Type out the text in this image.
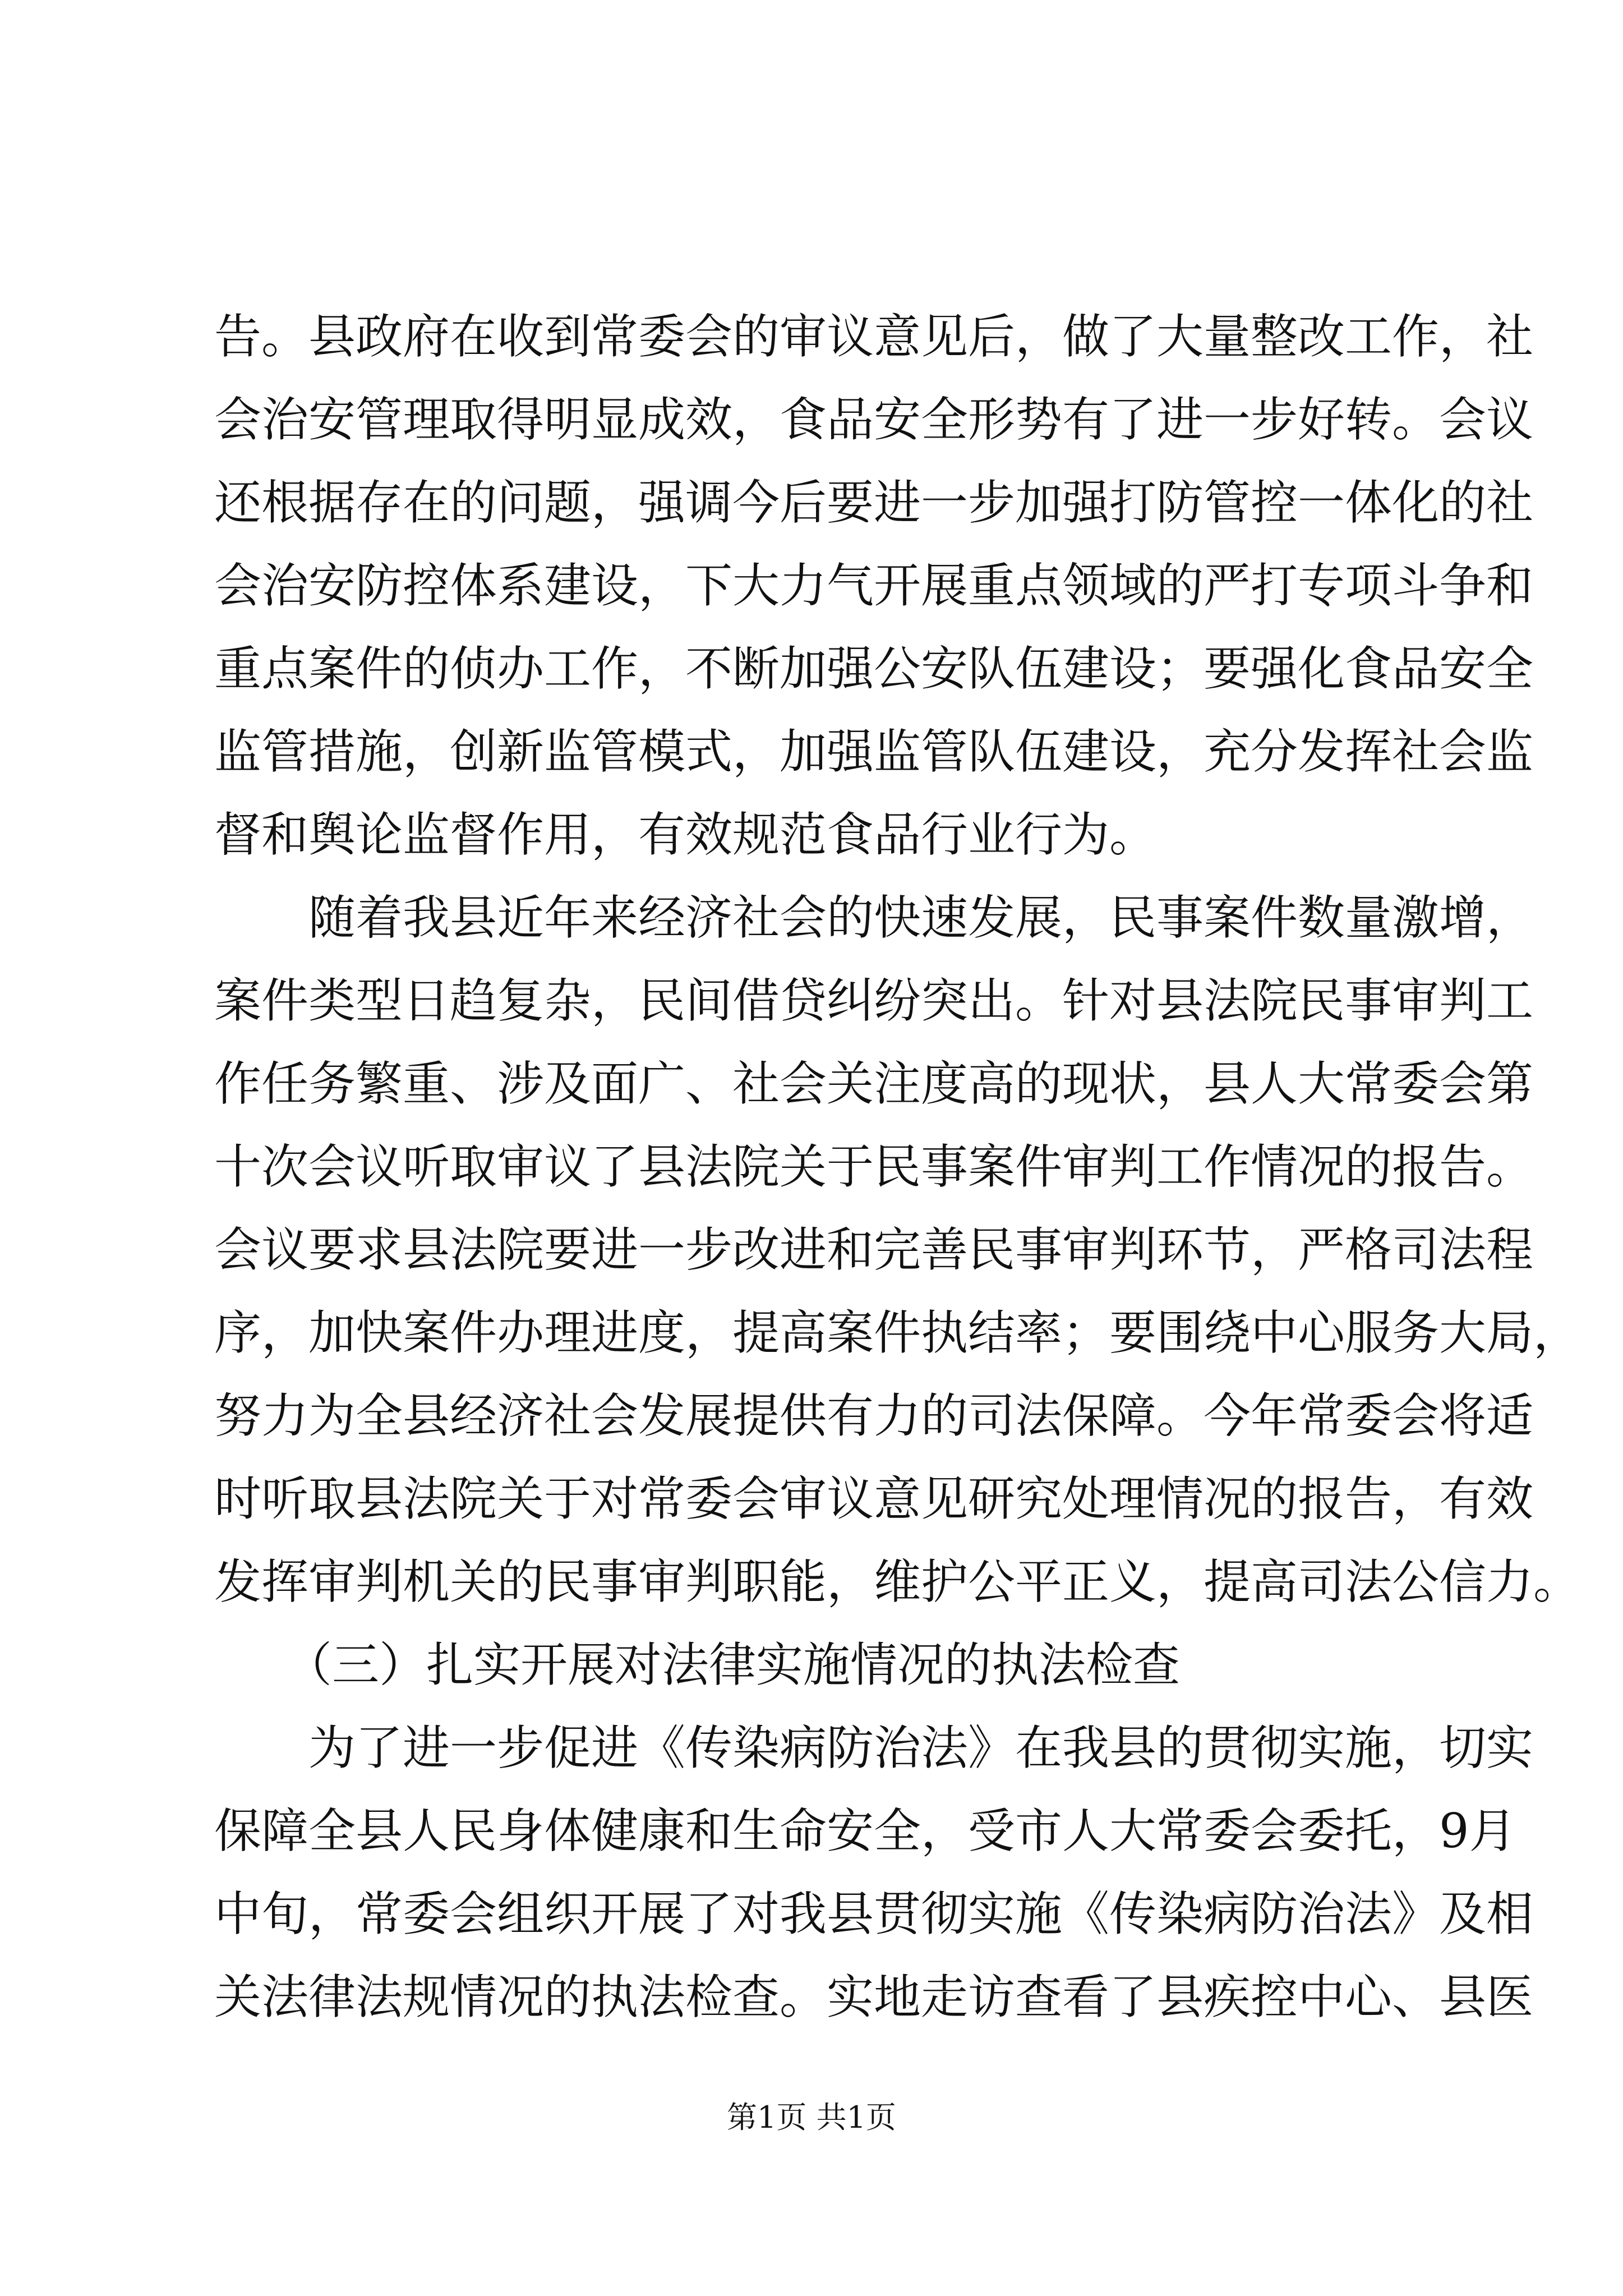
告。县政府在收到常委会的审议意见后，做了大量整改工作，社
会治安管理取得明显成效，食品安全形势有了进一步好转。会议
还根据存在的问题，强调今后要进一步加强打防管控一体化的社
会治安防控体系建设，下大力气开展重点领域的严打专项斗争和
重点案件的侦办工作，不断加强公安队伍建设；要强化食品安全
监管措施，创新监管模式，加强监管队伍建设，充分发挥社会监
督和舆论监督作用，有效规范食品行业行为。
　　随着我县近年来经济社会的快速发展，民事案件数量激增，
案件类型日趋复杂，民间借贷纠纷突出。针对县法院民事审判工
作任务繁重、涉及面广、社会关注度高的现状，县人大常委会第
十次会议听取审议了县法院关于民事案件审判工作情况的报告。
会议要求县法院要进一步改进和完善民事审判环节，严格司法程
序，加快案件办理进度，提高案件执结率；要围绕中心服务大局，
努力为全县经济社会发展提供有力的司法保障。今年常委会将适
时听取县法院关于对常委会审议意见研究处理情况的报告，有效
发挥审判机关的民事审判职能，维护公平正义，提高司法公信力。
　　（三）扎实开展对法律实施情况的执法检查
　　为了进一步促进《传染病防治法》在我县的贯彻实施，切实
保障全县人民身体健康和生命安全，受市人大常委会委托，9月
中旬，常委会组织开展了对我县贯彻实施《传染病防治法》及相
关法律法规情况的执法检查。实地走访查看了县疾控中心、县医
第1页 共1页
